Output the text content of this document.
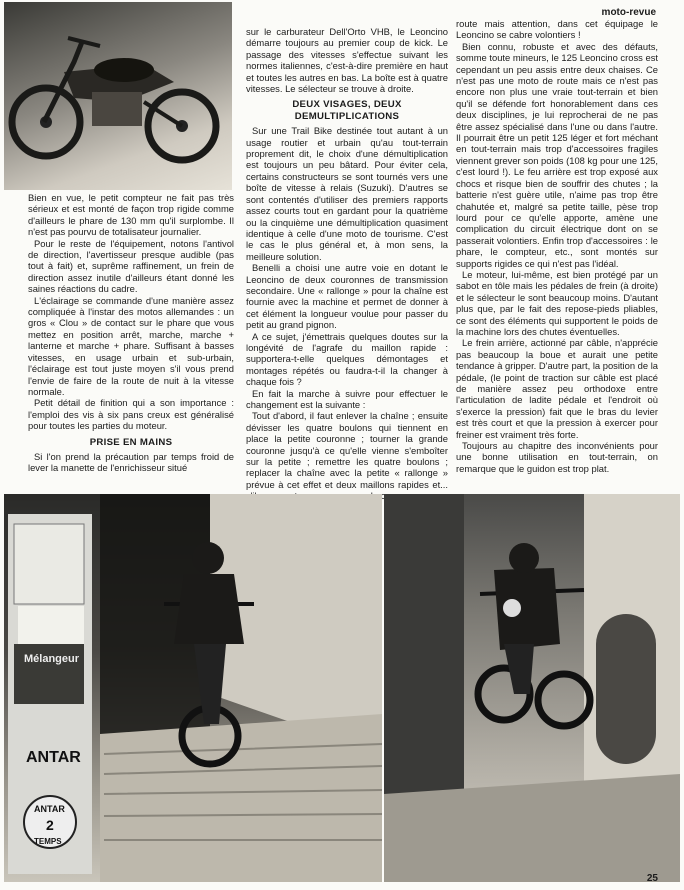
moto-revue

Bien en vue, le petit compteur ne fait pas très sérieux et est monté de façon trop rigide comme d'ailleurs le phare de 130 mm qu'il surplombe. Il n'est pas pourvu de totalisateur journalier.

Pour le reste de l'équipement, notons l'antivol de direction, l'avertisseur presque audible (pas tout à fait) et, suprême raffinement, un frein de direction assez inutile d'ailleurs étant donné les saines réactions du cadre.

L'éclairage se commande d'une manière assez compliquée à l'instar des motos allemandes : un gros « Clou » de contact sur le phare que vous mettez en position arrêt, marche, marche + lanterne et marche + phare. Suffisant à basses vitesses, en usage urbain et sub-urbain, l'éclairage est tout juste moyen s'il vous prend l'envie de faire de la route de nuit à la vitesse normale.

Petit détail de finition qui a son importance : l'emploi des vis à six pans creux est généralisé pour toutes les parties du moteur.

PRISE EN MAINS

Si l'on prend la précaution par temps froid de lever la manette de l'enrichisseur situé

sur le carburateur Dell'Orto VHB, le Leoncino démarre toujours au premier coup de kick. Le passage des vitesses s'effectue suivant les normes italiennes, c'est-à-dire première en haut et toutes les autres en bas. La boîte est à quatre vitesses. Le sélecteur se trouve à droite.

DEUX VISAGES, DEUX DEMULTIPLICATIONS

Sur une Trail Bike destinée tout autant à un usage routier et urbain qu'au tout-terrain proprement dit, le choix d'une démultiplication est toujours un peu bâtard. Pour éviter cela, certains constructeurs se sont tournés vers une boîte de vitesse à relais (Suzuki). D'autres se sont contentés d'utiliser des premiers rapports assez courts tout en gardant pour la quatrième ou la cinquième une démultiplication quasiment identique à celle d'une moto de tourisme. C'est le cas le plus général et, à mon sens, la meilleure solution.

Benelli a choisi une autre voie en dotant le Leoncino de deux couronnes de transmission secondaire. Une « rallonge » pour la chaîne est fournie avec la machine et permet de donner à cet élément la longueur voulue pour passer du petit au grand pignon.

A ce sujet, j'émettrais quelques doutes sur la longévité de l'agrafe du maillon rapide : supportera-t-elle quelques démontages et montages répétés ou faudra-t-il la changer à chaque fois ?

En fait la marche à suivre pour effectuer le changement est la suivante :

Tout d'abord, il faut enlever la chaîne ; ensuite dévisser les quatre boulons qui tiennent en place la petite couronne ; tourner la grande couronne jusqu'à ce qu'elle vienne s'emboîter sur la petite ; remettre les quatre boulons ; replacer la chaîne avec la petite « rallonge » prévue à cet effet et deux maillons rapides et...

route mais attention, dans cet équipage le Leoncino se cabre volontiers !

Bien connu, robuste et avec des défauts, somme toute mineurs, le 125 Leoncino cross est cependant un peu assis entre deux chaises. Ce n'est pas une moto de route mais ce n'est pas encore non plus une vraie tout-terrain et bien qu'il se défende fort honorablement dans ces deux disciplines, je lui reprocherai de ne pas être assez spécialisé dans l'une ou dans l'autre. Il pourrait être un petit 125 léger et fort méchant en tout-terrain mais trop d'accessoires fragiles viennent grever son poids (108 kg pour une 125, c'est lourd !). Le feu arrière est trop exposé aux chocs et risque bien de souffrir des chutes ; la batterie n'est guère utile, n'aime pas trop être chahutée et, malgré sa petite taille, pèse trop lourd pour ce qu'elle apporte, amène une complication du circuit électrique dont on se passerait volontiers. Enfin trop d'accessoires : le phare, le compteur, etc., sont montés sur supports rigides ce qui n'est pas l'idéal.

Le moteur, lui-même, est bien protégé par un sabot en tôle mais les pédales de frein (à droite) et le sélecteur le sont beaucoup moins. D'autant plus que, par le fait des repose-pieds pliables, ce sont des éléments qui supportent le poids de la machine lors des chutes éventuelles.

Le frein arrière, actionné par câble, n'apprécie pas beaucoup la boue et aurait une petite tendance à gripper. D'autre part, la position de la pédale, (le point de traction sur câble est placé de manière assez peu orthodoxe entre l'articulation de ladite pédale et l'endroit où s'exerce la pression) fait que le bras du levier est très court et que la pression à exercer pour freiner est vraiment très forte.

Toujours au chapitre des inconvénients pour une bonne utilisation en tout-terrain, on remarque que le guidon est trop plat.

Mélangeur
ANTAR
ANTAR
2
TEMPS
25
